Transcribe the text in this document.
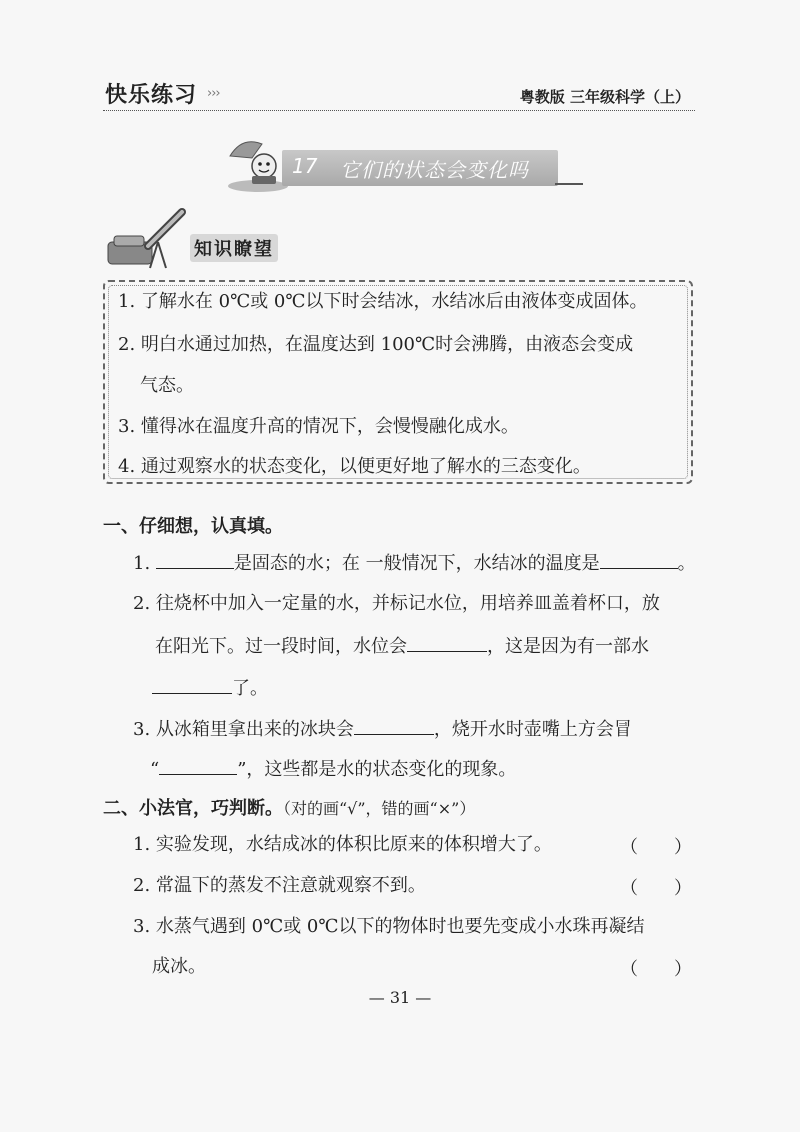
快乐练习 ›››	粤教版 三年级科学（上）
17 它们的状态会变化吗
知识瞭望
1. 了解水在 0℃或 0℃以下时会结冰，水结冰后由液体变成固体。
2. 明白水通过加热，在温度达到 100℃时会沸腾，由液态会变成
气态。
3. 懂得冰在温度升高的情况下，会慢慢融化成水。
4. 通过观察水的状态变化，以便更好地了解水的三态变化。
一、仔细想，认真填。
1.	是固态的水；在 一般情况下，水结冰的温度是	。
2. 往烧杯中加入一定量的水，并标记水位，用培养皿盖着杯口，放
在阳光下。过一段时间，水位会	，这是因为有一部水
了。
3. 从冰箱里拿出来的冰块会	，烧开水时壶嘴上方会冒
“	”，这些都是水的状态变化的现象。
二、小法官，巧判断。（对的画“√”，错的画“×”）
1. 实验发现，水结成冰的体积比原来的体积增大了。	（　　）
2. 常温下的蒸发不注意就观察不到。	（　　）
3. 水蒸气遇到 0℃或 0℃以下的物体时也要先变成小水珠再凝结
成冰。	（　　）
— 31 —
